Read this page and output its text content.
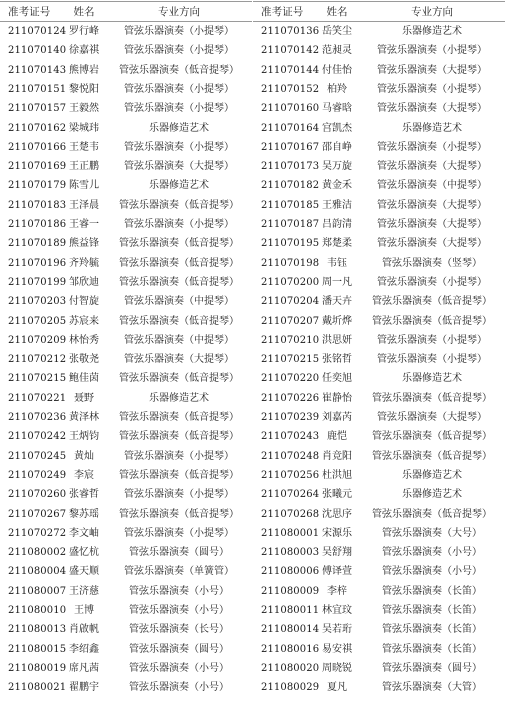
准考证号	姓名	专业方向
211070124 罗行峰	管弦乐器演奏（小提琴）
211070140 徐嘉祺	管弦乐器演奏（小提琴）
211070143 熊博岩	管弦乐器演奏（低音提琴）
211070151 黎悦阳	管弦乐器演奏（小提琴）
211070157 王毅然	管弦乐器演奏（小提琴）
211070162 梁城玮	乐器修造艺术
211070166 王楚韦	管弦乐器演奏（小提琴）
211070169 王正鹏	管弦乐器演奏（大提琴）
211070179 陈雪儿	乐器修造艺术
211070183 王泽晨	管弦乐器演奏（低音提琴）
211070186 王睿一	管弦乐器演奏（小提琴）
211070189 熊益锋	管弦乐器演奏（低音提琴）
211070196 齐羚毓	管弦乐器演奏（低音提琴）
211070199 邹欣迪	管弦乐器演奏（低音提琴）
211070203 付智旋	管弦乐器演奏（中提琴）
211070205 苏宸来	管弦乐器演奏（低音提琴）
211070209 林怡秀	管弦乐器演奏（中提琴）
211070212 张敬尧	管弦乐器演奏（大提琴）
211070215 鲍佳茵	管弦乐器演奏（低音提琴）
211070221 聂野	乐器修造艺术
211070236 黄泽林	管弦乐器演奏（低音提琴）
211070242 王炳钧	管弦乐器演奏（低音提琴）
211070245 黄灿	管弦乐器演奏（小提琴）
211070249 李宸	管弦乐器演奏（低音提琴）
211070260 张睿哲	管弦乐器演奏（小提琴）
211070267 黎苏瑶	管弦乐器演奏（低音提琴）
211070272 李文岫	管弦乐器演奏（小提琴）
211080002 盛忆杭	管弦乐器演奏（圆号）
211080004 盛天顺	管弦乐器演奏（单簧管）
211080007 王济慈	管弦乐器演奏（小号）
211080010 王博	管弦乐器演奏（小号）
211080013 肖啟帆	管弦乐器演奏（长号）
211080015 李绍鑫	管弦乐器演奏（圆号）
211080019 席凡茜	管弦乐器演奏（小号）
211080021 翟鹏宇	管弦乐器演奏（小号）
准考证号	姓名	专业方向
211070136 岳笑尘	乐器修造艺术
211070142 范昶灵	管弦乐器演奏（小提琴）
211070144 付佳怡	管弦乐器演奏（大提琴）
211070152 柏羚	管弦乐器演奏（小提琴）
211070160 马睿晗	管弦乐器演奏（大提琴）
211070164 宫凯杰	乐器修造艺术
211070167 邵自峥	管弦乐器演奏（小提琴）
211070173 吴万旋	管弦乐器演奏（大提琴）
211070182 黄金禾	管弦乐器演奏（中提琴）
211070185 王雅洁	管弦乐器演奏（大提琴）
211070187 吕韵清	管弦乐器演奏（大提琴）
211070195 郑楚柔	管弦乐器演奏（大提琴）
211070198 韦钰	管弦乐器演奏（竖琴）
211070200 周一凡	管弦乐器演奏（小提琴）
211070204 潘天卉	管弦乐器演奏（低音提琴）
211070207 戴圻烨	管弦乐器演奏（低音提琴）
211070210 洪思妍	管弦乐器演奏（小提琴）
211070215 张铭哲	管弦乐器演奏（小提琴）
211070220 任奕旭	乐器修造艺术
211070226 崔静怡	管弦乐器演奏（低音提琴）
211070239 刘嘉芮	管弦乐器演奏（大提琴）
211070243 鹿恺	管弦乐器演奏（低音提琴）
211070248 肖竞阳	管弦乐器演奏（低音提琴）
211070256 杜洪旭	乐器修造艺术
211070264 张曦元	乐器修造艺术
211070268 沈思序	管弦乐器演奏（低音提琴）
211080001 宋源乐	管弦乐器演奏（大号）
211080003 吴舒翔	管弦乐器演奏（小号）
211080006 傅译萱	管弦乐器演奏（小号）
211080009 李梓	管弦乐器演奏（长笛）
211080011 林宜玟	管弦乐器演奏（长笛）
211080014 吴若珩	管弦乐器演奏（长笛）
211080016 易安祺	管弦乐器演奏（长笛）
211080020 周晓锐	管弦乐器演奏（圆号）
211080029 夏凡	管弦乐器演奏（大管）
